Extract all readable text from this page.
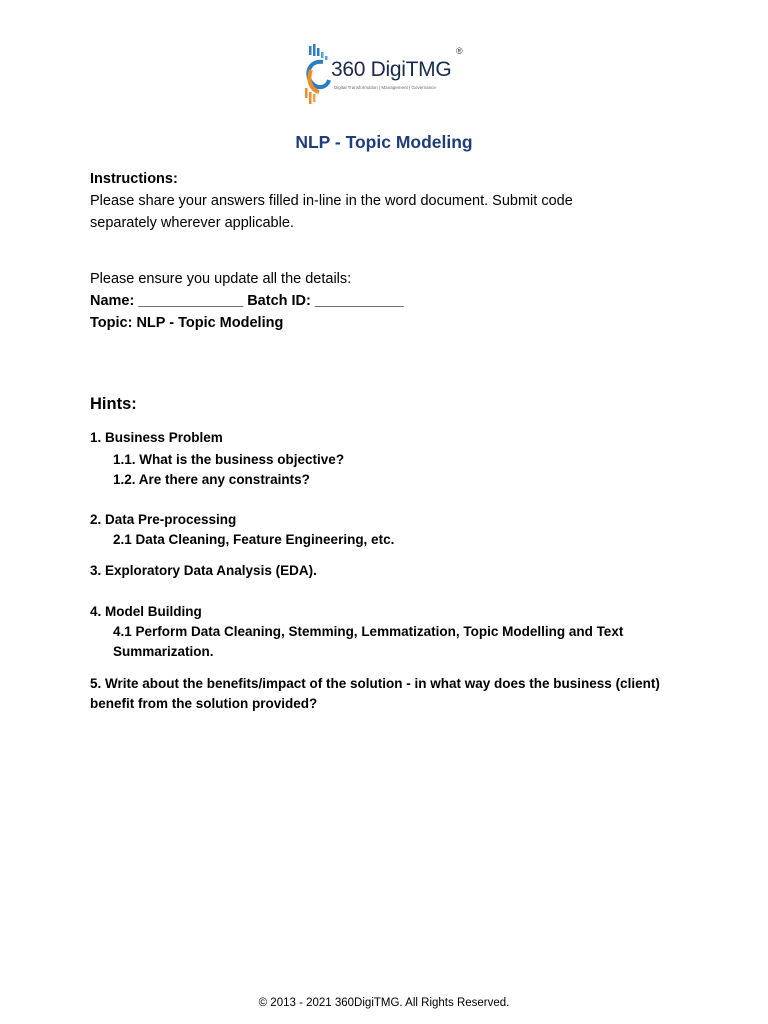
360 DigiTMG
Digital Transformation | Management | Governance
®
NLP - Topic Modeling
Instructions:
Please share your answers filled in-line in the word document. Submit code
separately wherever applicable.
Please ensure you update all the details:
Name: _____________ Batch ID: ___________
Topic: NLP - Topic Modeling
Hints:
1. Business Problem
1.1. What is the business objective?
1.2. Are there any constraints?
2. Data Pre-processing
2.1 Data Cleaning, Feature Engineering, etc.
3. Exploratory Data Analysis (EDA).
4. Model Building
4.1 Perform Data Cleaning, Stemming, Lemmatization, Topic Modelling and Text
Summarization.
5. Write about the benefits/impact of the solution - in what way does the business (client)
benefit from the solution provided?
© 2013 - 2021 360DigiTMG. All Rights Reserved.
